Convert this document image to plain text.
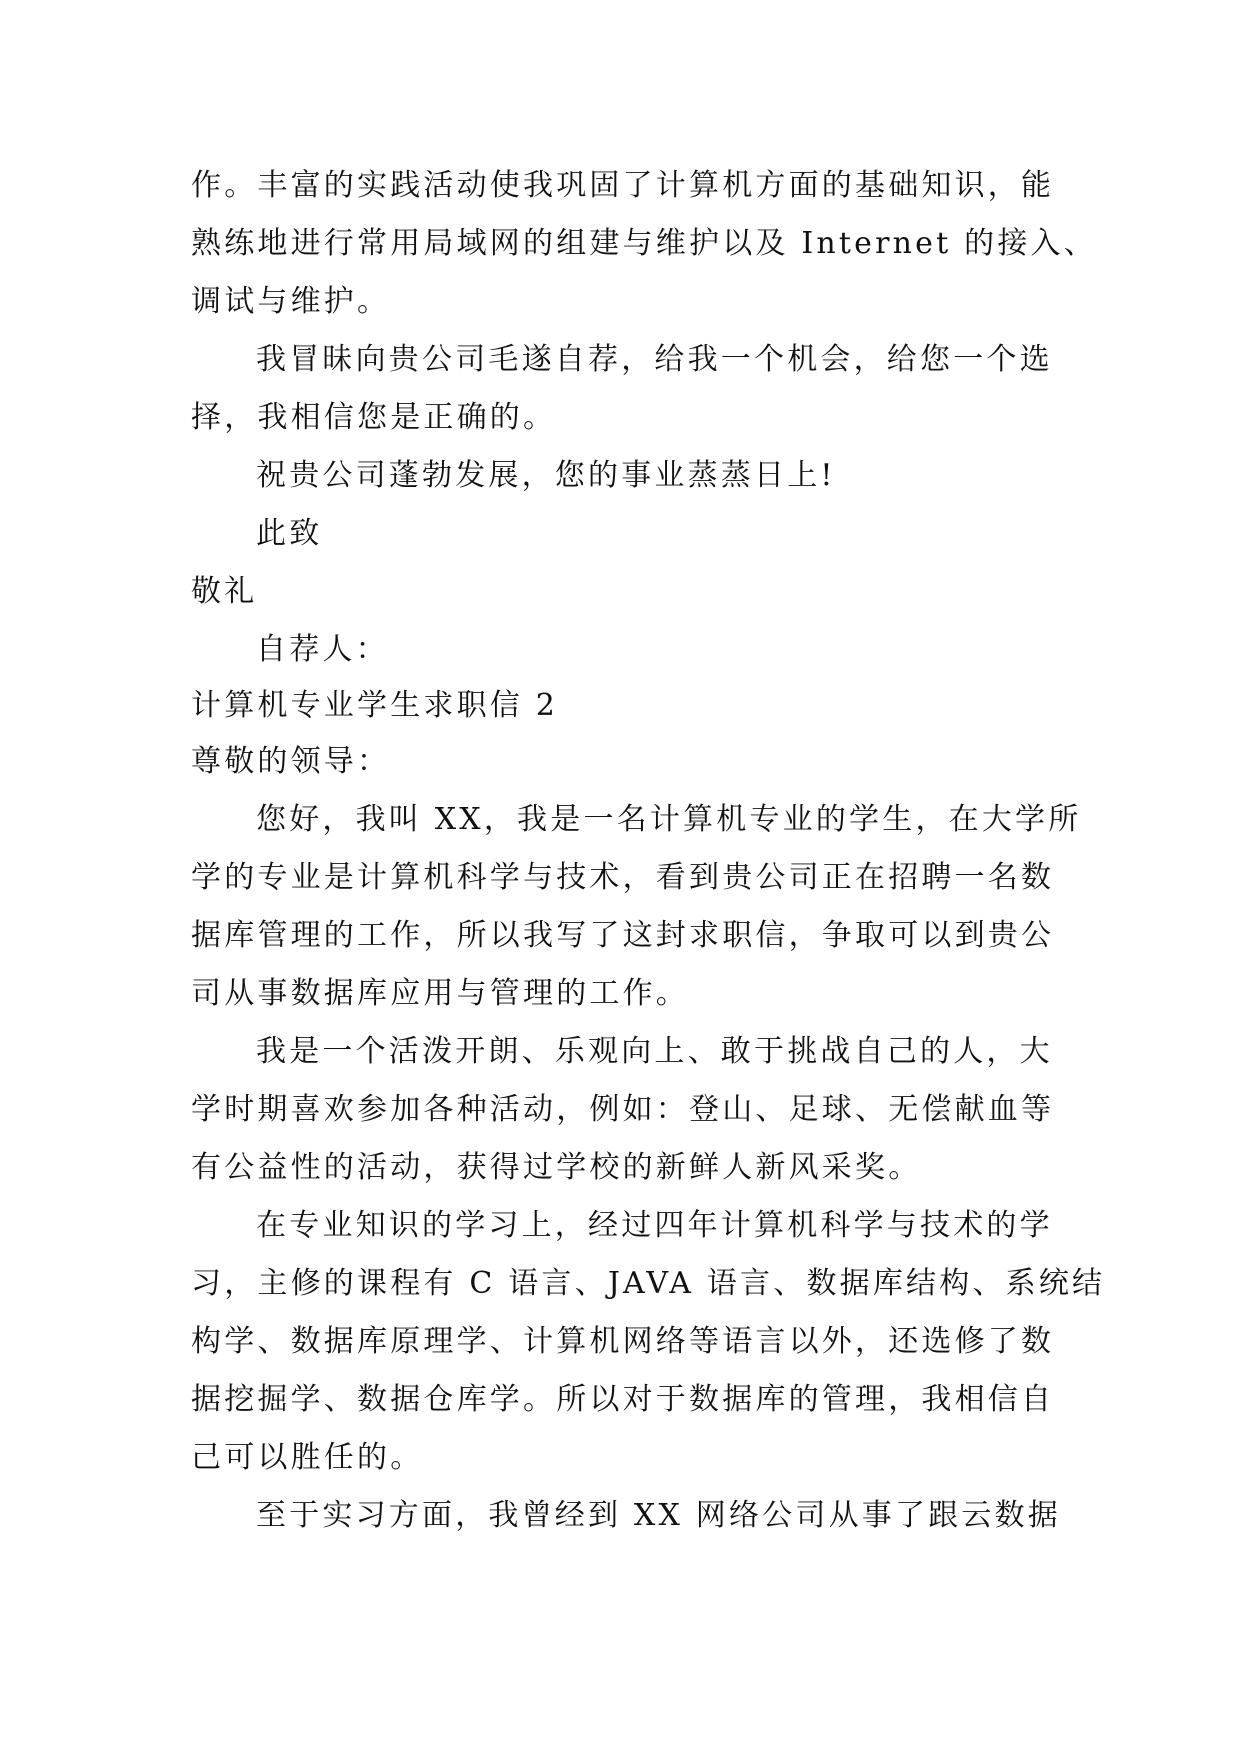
作。丰富的实践活动使我巩固了计算机方面的基础知识，能
熟练地进行常用局域网的组建与维护以及 Internet 的接入、
调试与维护。
我冒昧向贵公司毛遂自荐，给我一个机会，给您一个选
择，我相信您是正确的。
祝贵公司蓬勃发展，您的事业蒸蒸日上!
此致
敬礼
自荐人：
计算机专业学生求职信 2
尊敬的领导：
您好，我叫 XX，我是一名计算机专业的学生，在大学所
学的专业是计算机科学与技术，看到贵公司正在招聘一名数
据库管理的工作，所以我写了这封求职信，争取可以到贵公
司从事数据库应用与管理的工作。
我是一个活泼开朗、乐观向上、敢于挑战自己的人，大
学时期喜欢参加各种活动，例如：登山、足球、无偿献血等
有公益性的活动，获得过学校的新鲜人新风采奖。
在专业知识的学习上，经过四年计算机科学与技术的学
习，主修的课程有 C 语言、JAVA 语言、数据库结构、系统结
构学、数据库原理学、计算机网络等语言以外，还选修了数
据挖掘学、数据仓库学。所以对于数据库的管理，我相信自
己可以胜任的。
至于实习方面，我曾经到 XX 网络公司从事了跟云数据
